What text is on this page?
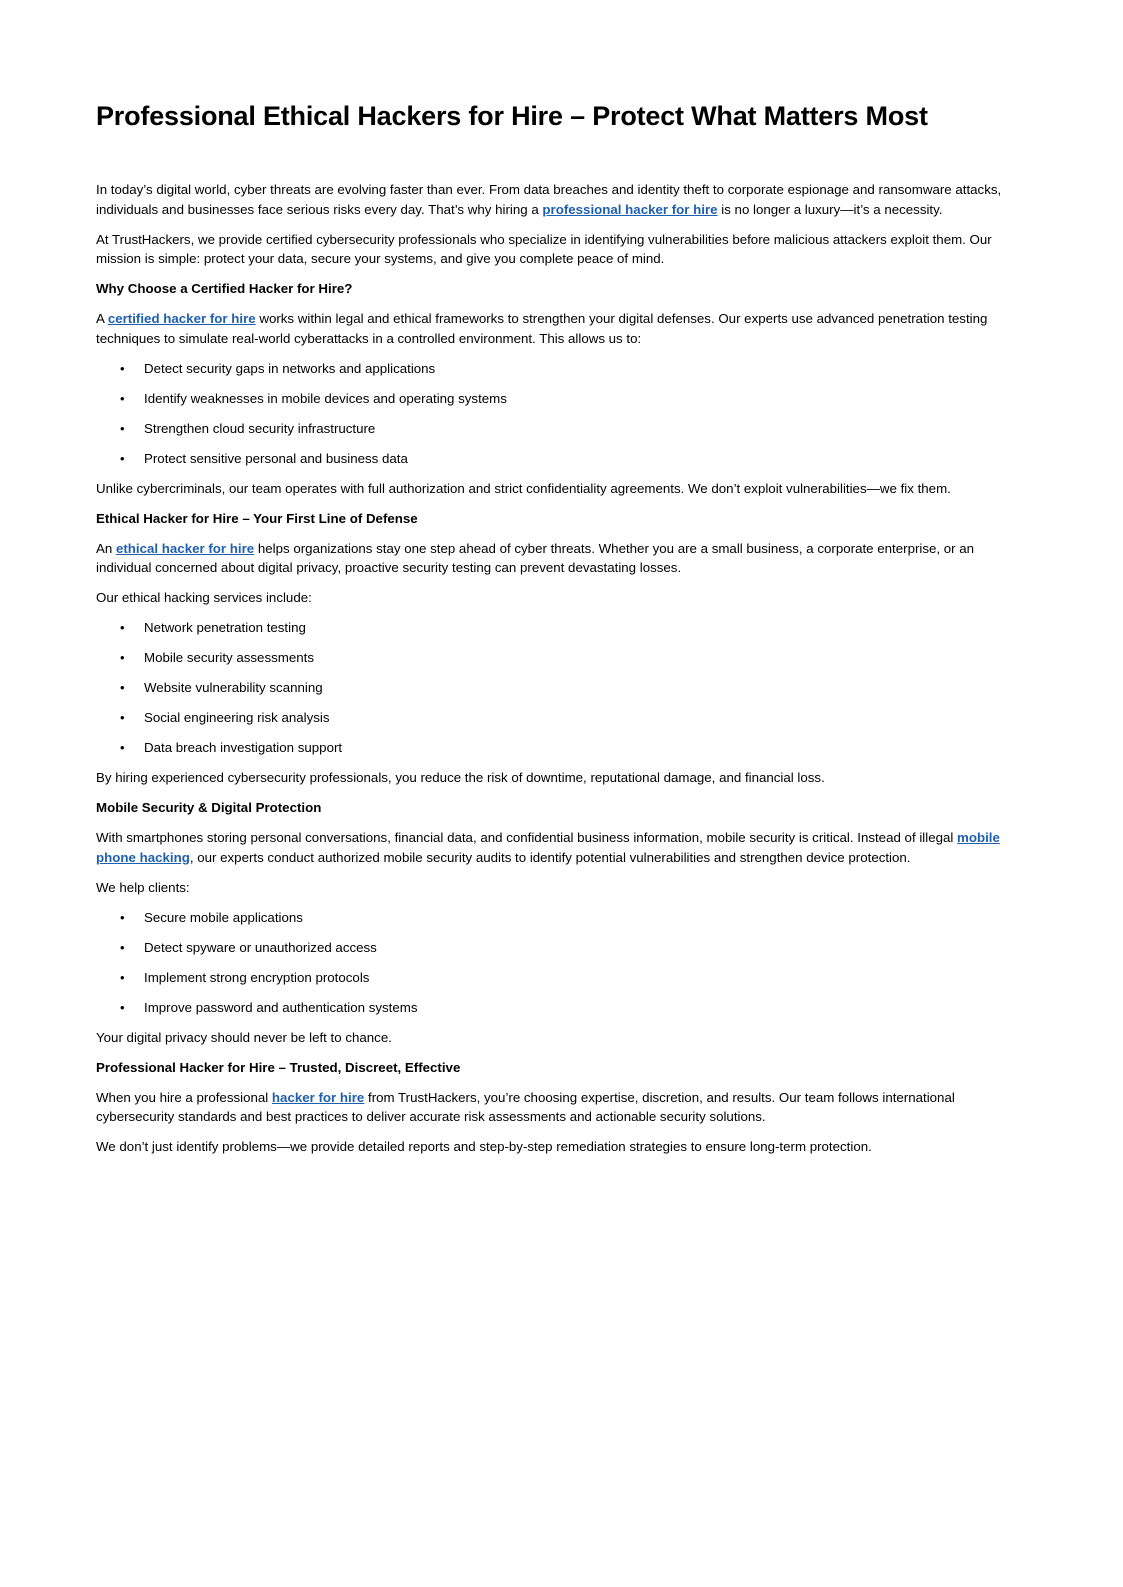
Professional Ethical Hackers for Hire – Protect What Matters Most

In today’s digital world, cyber threats are evolving faster than ever. From data breaches and identity theft to corporate espionage and ransomware attacks, individuals and businesses face serious risks every day. That’s why hiring a professional hacker for hire is no longer a luxury—it’s a necessity.

At TrustHackers, we provide certified cybersecurity professionals who specialize in identifying vulnerabilities before malicious attackers exploit them. Our mission is simple: protect your data, secure your systems, and give you complete peace of mind.

Why Choose a Certified Hacker for Hire?

A certified hacker for hire works within legal and ethical frameworks to strengthen your digital defenses. Our experts use advanced penetration testing techniques to simulate real-world cyberattacks in a controlled environment. This allows us to:

• Detect security gaps in networks and applications
• Identify weaknesses in mobile devices and operating systems
• Strengthen cloud security infrastructure
• Protect sensitive personal and business data

Unlike cybercriminals, our team operates with full authorization and strict confidentiality agreements. We don’t exploit vulnerabilities—we fix them.

Ethical Hacker for Hire – Your First Line of Defense

An ethical hacker for hire helps organizations stay one step ahead of cyber threats. Whether you are a small business, a corporate enterprise, or an individual concerned about digital privacy, proactive security testing can prevent devastating losses.

Our ethical hacking services include:

• Network penetration testing
• Mobile security assessments
• Website vulnerability scanning
• Social engineering risk analysis
• Data breach investigation support

By hiring experienced cybersecurity professionals, you reduce the risk of downtime, reputational damage, and financial loss.

Mobile Security & Digital Protection

With smartphones storing personal conversations, financial data, and confidential business information, mobile security is critical. Instead of illegal mobile phone hacking, our experts conduct authorized mobile security audits to identify potential vulnerabilities and strengthen device protection.

We help clients:

• Secure mobile applications
• Detect spyware or unauthorized access
• Implement strong encryption protocols
• Improve password and authentication systems

Your digital privacy should never be left to chance.

Professional Hacker for Hire – Trusted, Discreet, Effective

When you hire a professional hacker for hire from TrustHackers, you’re choosing expertise, discretion, and results. Our team follows international cybersecurity standards and best practices to deliver accurate risk assessments and actionable security solutions.

We don’t just identify problems—we provide detailed reports and step-by-step remediation strategies to ensure long-term protection.
